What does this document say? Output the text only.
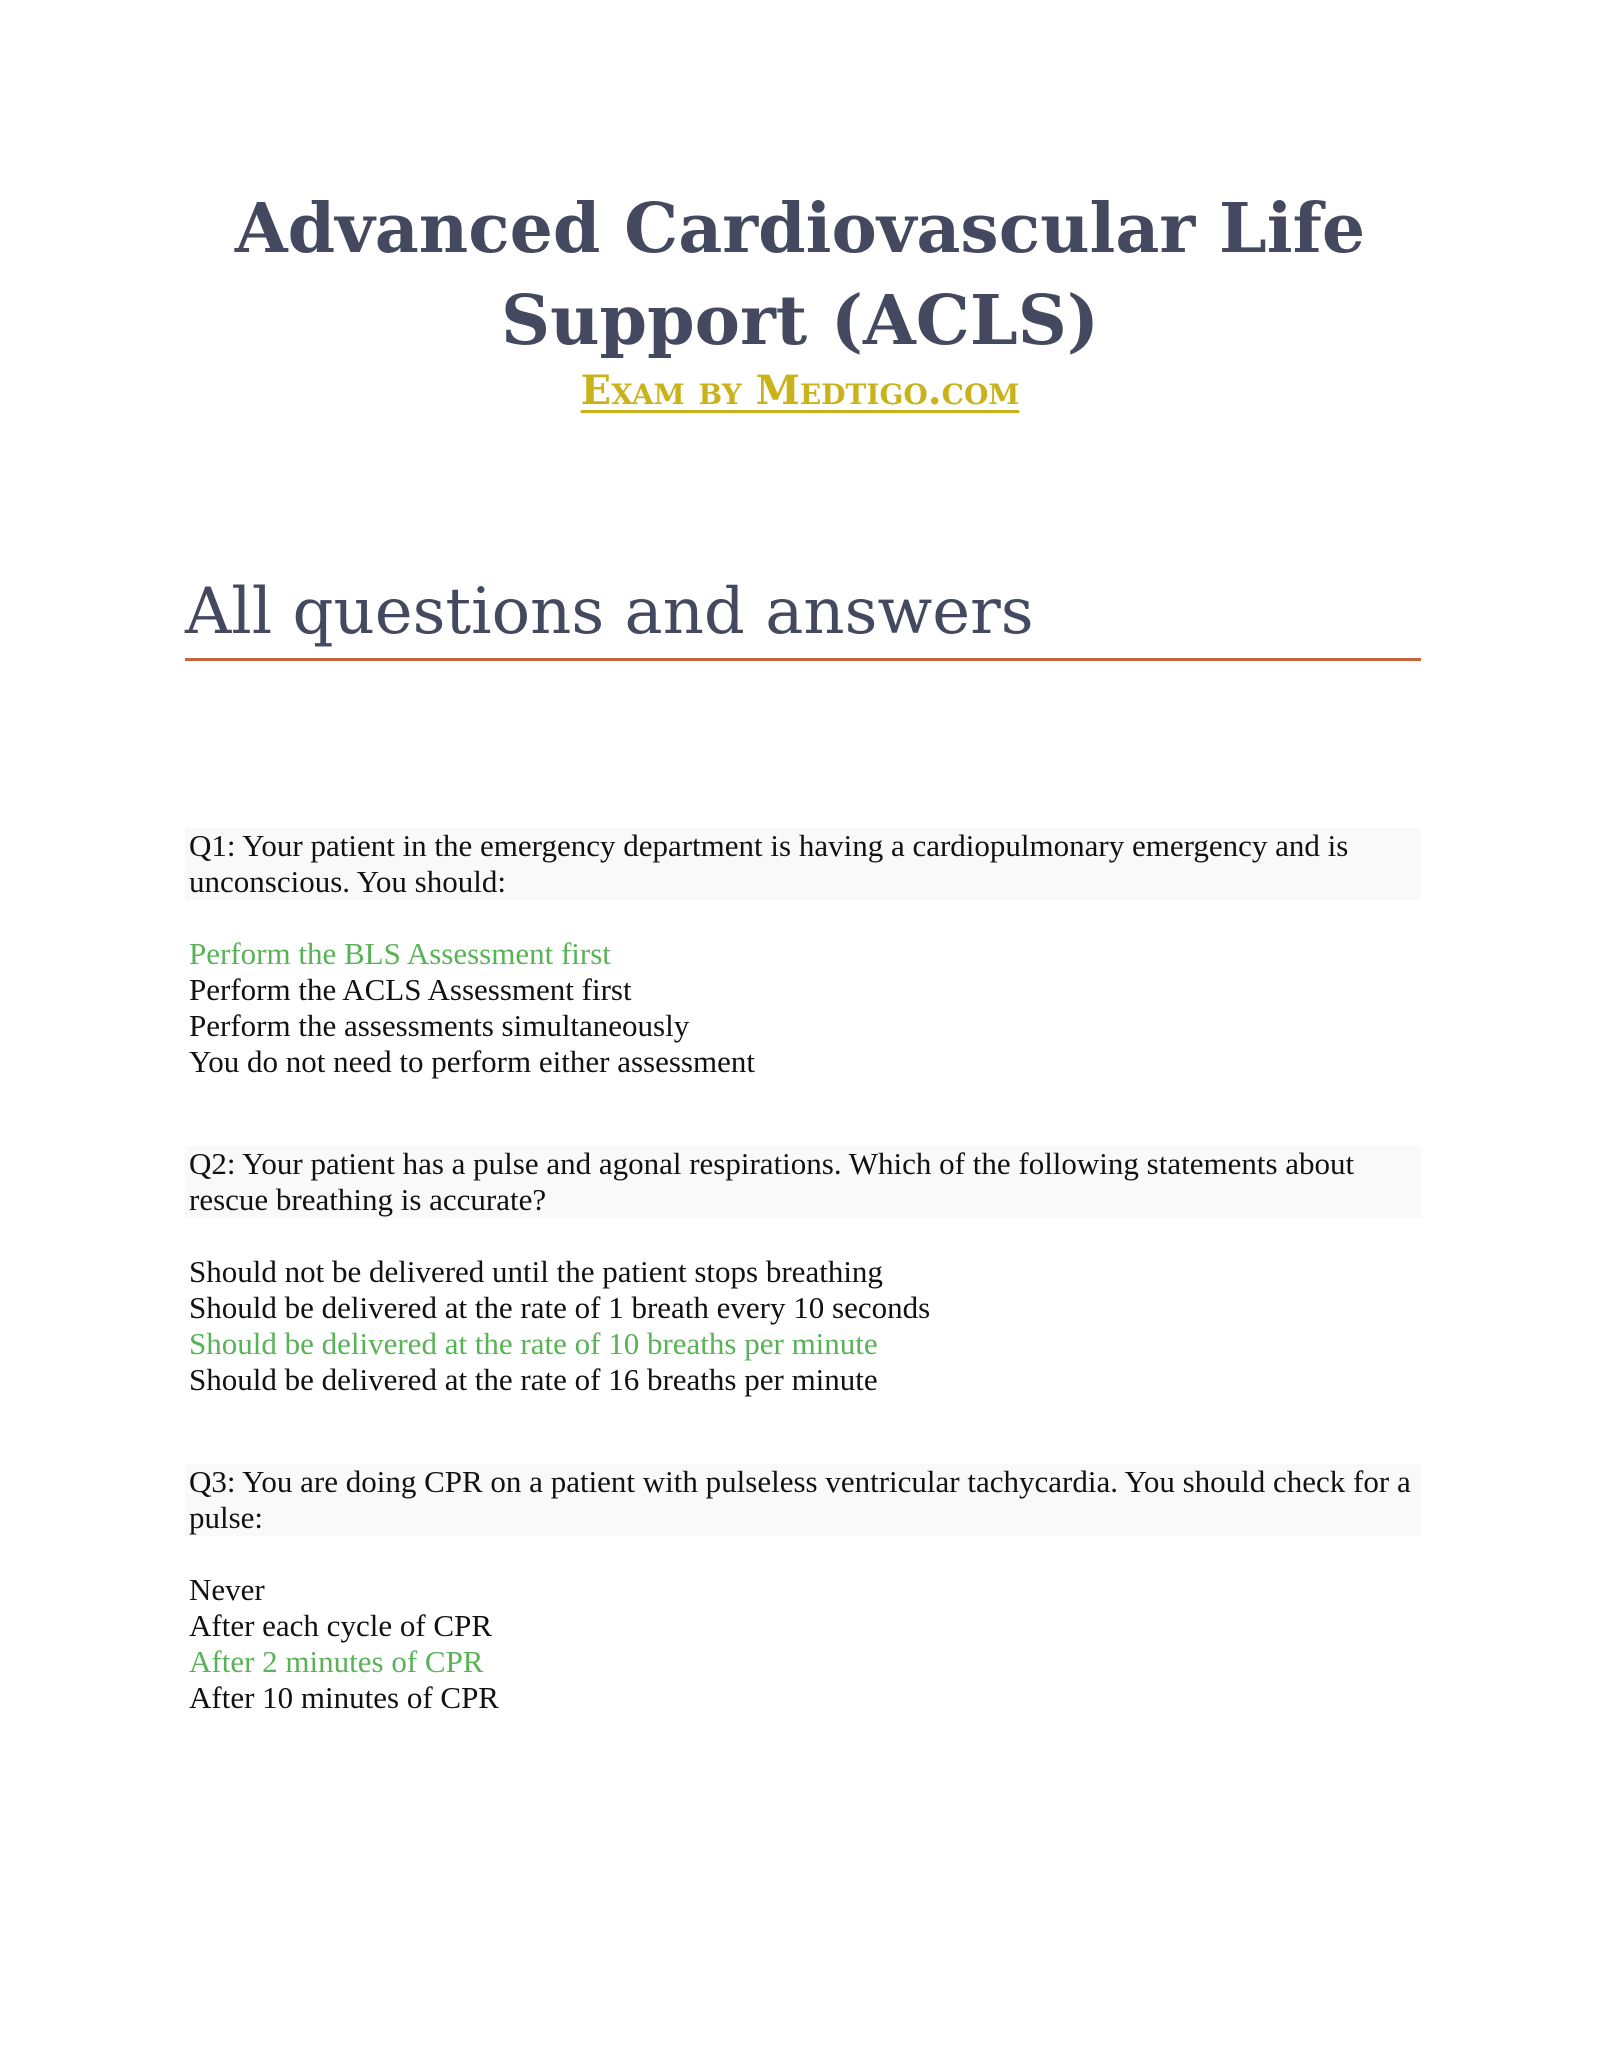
Advanced Cardiovascular Life
Support (ACLS)
Exam by Medtigo.com
All questions and answers
Q1: Your patient in the emergency department is having a cardiopulmonary emergency and is unconscious. You should:
Perform the BLS Assessment first
Perform the ACLS Assessment first
Perform the assessments simultaneously
You do not need to perform either assessment
Q2: Your patient has a pulse and agonal respirations. Which of the following statements about rescue breathing is accurate?
Should not be delivered until the patient stops breathing
Should be delivered at the rate of 1 breath every 10 seconds
Should be delivered at the rate of 10 breaths per minute
Should be delivered at the rate of 16 breaths per minute
Q3: You are doing CPR on a patient with pulseless ventricular tachycardia. You should check for a pulse:
Never
After each cycle of CPR
After 2 minutes of CPR
After 10 minutes of CPR
